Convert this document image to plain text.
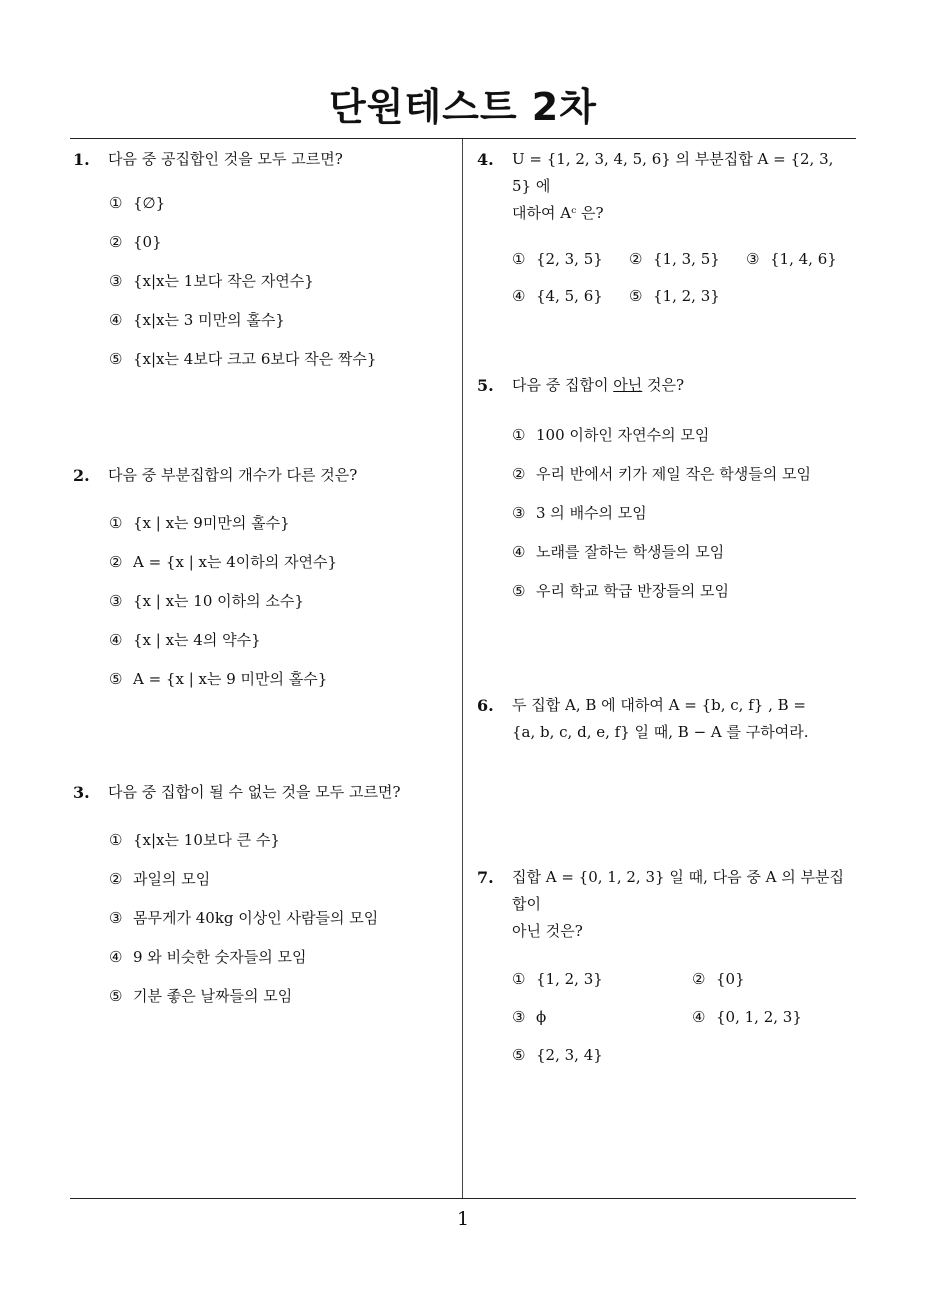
단원테스트 2차
1. 다음 중 공집합인 것을 모두 고르면?
① {∅}
② {0}
③ {x|x는 1보다 작은 자연수}
④ {x|x는 3 미만의 홀수}
⑤ {x|x는 4보다 크고 6보다 작은 짝수}
2. 다음 중 부분집합의 개수가 다른 것은?
① {x | x는 9미만의 홀수}
② A = {x | x는 4이하의 자연수}
③ {x | x는 10 이하의 소수}
④ {x | x는 4의 약수}
⑤ A = {x | x는 9 미만의 홀수}
3. 다음 중 집합이 될 수 없는 것을 모두 고르면?
① {x|x는 10보다 큰 수}
② 과일의 모임
③ 몸무게가 40kg 이상인 사람들의 모임
④ 9 와 비슷한 숫자들의 모임
⑤ 기분 좋은 날짜들의 모임
4. U = {1, 2, 3, 4, 5, 6} 의 부분집합 A = {2, 3, 5} 에
대하여 Aᶜ 은?
① {2, 3, 5}	② {1, 3, 5}	③ {1, 4, 6}
④ {4, 5, 6}	⑤ {1, 2, 3}
5. 다음 중 집합이 아닌 것은?
① 100 이하인 자연수의 모임
② 우리 반에서 키가 제일 작은 학생들의 모임
③ 3 의 배수의 모임
④ 노래를 잘하는 학생들의 모임
⑤ 우리 학교 학급 반장들의 모임
6. 두 집합 A, B 에 대하여 A = {b, c, f} , B =
{a, b, c, d, e, f} 일 때, B − A 를 구하여라.
7. 집합 A = {0, 1, 2, 3} 일 때, 다음 중 A 의 부분집합이
아닌 것은?
① {1, 2, 3}	② {0}
③ ϕ	④ {0, 1, 2, 3}
⑤ {2, 3, 4}
1
